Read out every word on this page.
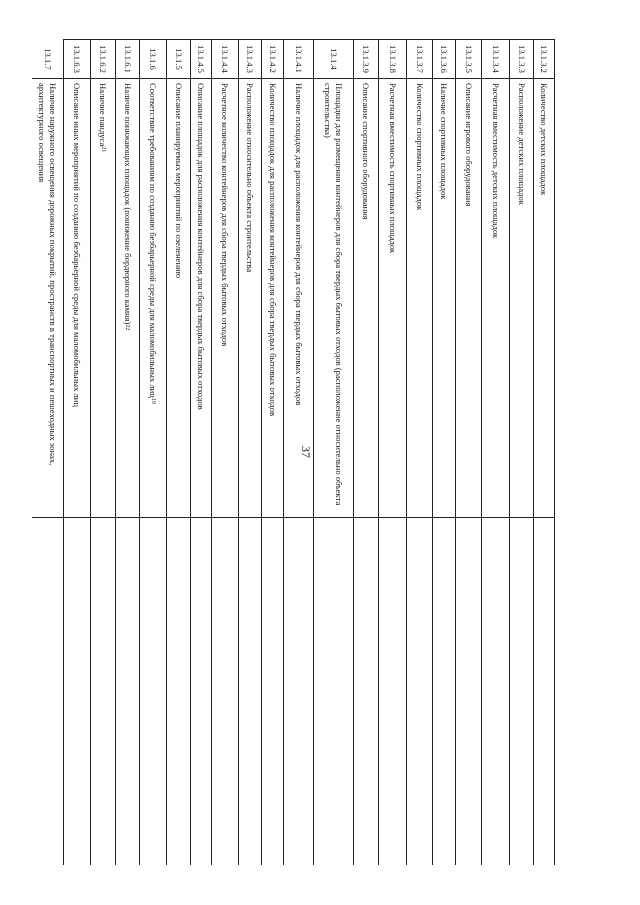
37
13.1.3.2
Количество детских площадок
13.1.3.3
Расположение детских площадок
13.1.3.4
Расчетная вместимость детских площадок
13.1.3.5
Описание игрового оборудования
13.1.3.6
Наличие спортивных площадок
13.1.3.7
Количество спортивных площадок
13.1.3.8
Расчетная вместимость спортивных площадок
13.1.3.9
Описание спортивного оборудования
13.1.4
Площадки для размещения контейнеров для сбора твердых бытовых отходов (расположение относительно объекта строительства)
13.1.4.1
Наличие площадок для расположения контейнеров для сбора твердых бытовых отходов
13.1.4.2
Количество площадок для расположения контейнеров для сбора твердых бытовых отходов
13.1.4.3
Расположение относительно объекта строительства
13.1.4.4
Расчетное количество контейнеров для сбора твердых бытовых отходов
13.1.4.5
Описание площадок для расположения контейнеров для сбора твердых бытовых отходов
13.1.5
Описание планируемых мероприятий по озеленению
13.1.6
Соответствие требованиям по созданию безбарьерной среды для маломобильных лиц
19
13.1.6.1
Наличие понижающих площадок (понижение бордюрного камня)
22
13.1.6.2
Наличие пандуса
21
13.1.6.3
Описание иных мероприятий по созданию безбарьерной среды для маломобильных лиц
13.1.7
Наличие наружного освещения дорожных покрытий, пространств в транспортных и пешеходных зонах, архитектурного освещения
